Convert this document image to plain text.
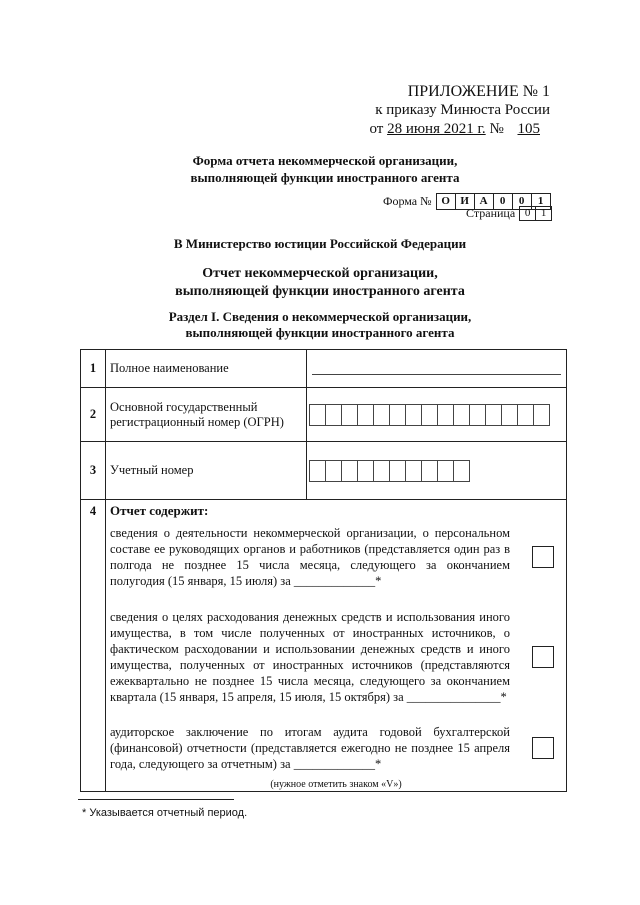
ПРИЛОЖЕНИЕ № 1
к приказу Минюста России
от 28 июня 2021 г. № 105
Форма отчета некоммерческой организации,
выполняющей функции иностранного агента
Форма № О И А	0	0	1
Страница 0 1
В Министерство юстиции Российской Федерации
Отчет некоммерческой организации,
выполняющей функции иностранного агента
Раздел I. Сведения о некоммерческой организации,
выполняющей функции иностранного агента
1	Полное наименование	

2	Основной государственный регистрационный номер (ОГРН)	

3	Учетный номер	

4	Отчет содержит:
сведения о деятельности некоммерческой организации, о персональном составе ее руководящих органов и работников (представляется один раз в полгода не позднее 15 числа месяца, следующего за окончанием полугодия (15 января, 15 июля) за _____________*
сведения о целях расходования денежных средств и использования иного имущества, в том числе полученных от иностранных источников, о фактическом расходовании и использовании денежных средств и иного имущества, полученных от иностранных источников (представляются ежеквартально не позднее 15 числа месяца, следующего за окончанием квартала (15 января, 15 апреля, 15 июля, 15 октября) за _______________*
аудиторское заключение по итогам аудита годовой бухгалтерской (финансовой) отчетности (представляется ежегодно не позднее 15 апреля года, следующего за отчетным) за _____________*
(нужное отметить знаком «V»)	
* Указывается отчетный период.
